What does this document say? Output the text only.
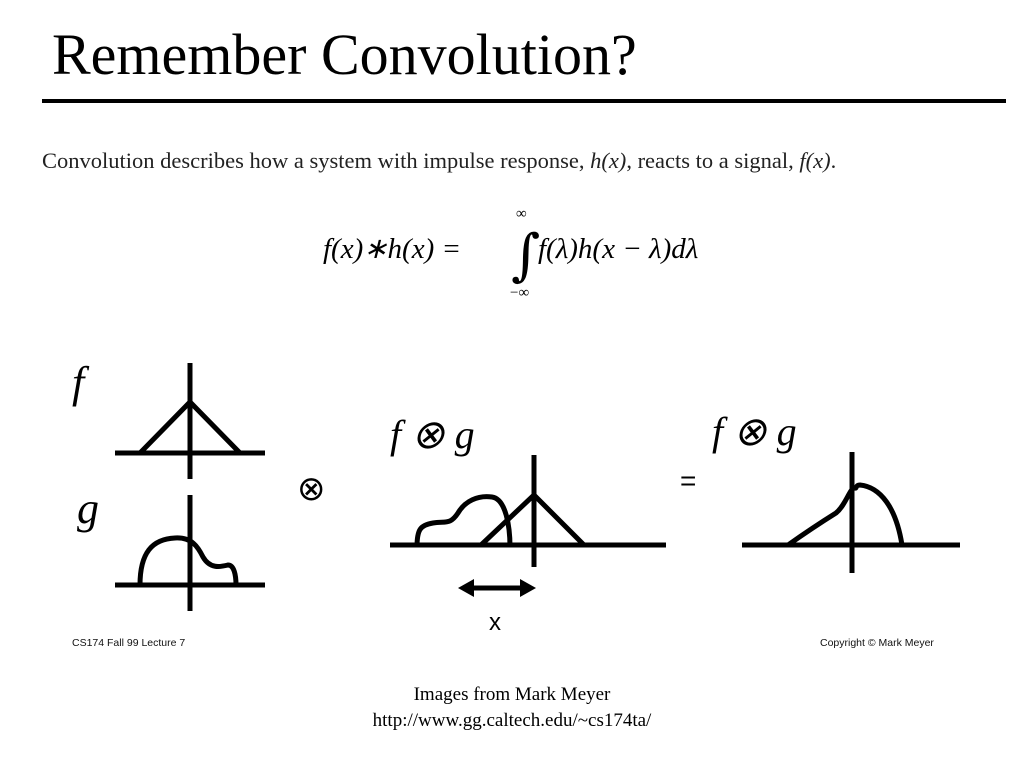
Remember Convolution?
Convolution describes how a system with impulse response, h(x), reacts to a signal, f(x).
f(x)∗h(x) =
∞
∫
−∞
f(λ)h(x − λ)dλ
f
g	⊗
f ⊗ g
x
=
f ⊗ g
CS174 Fall 99 Lecture 7	Copyright © Mark Meyer
Images from Mark Meyer
http://www.gg.caltech.edu/~cs174ta/
